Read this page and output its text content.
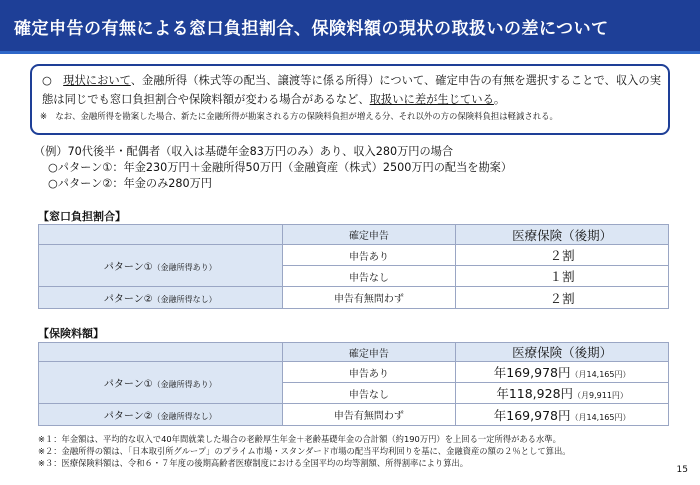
確定申告の有無による窓口負担割合、保険料額の現状の取扱いの差について
○　 現状において、金融所得（株式等の配当、譲渡等に係る所得）について、確定申告の有無を選択することで、収入の実態は同じでも窓口負担割合や保険料額が変わる場合があるなど、取扱いに差が生じている。
※　なお、金融所得を勘案した場合、新たに金融所得が勘案される方の保険料負担が増える分、それ以外の方の保険料負担は軽減される。
（例）70代後半・配偶者（収入は基礎年金83万円のみ）あり、収入280万円の場合
○パターン①：年金230万円＋金融所得50万円（金融資産（株式）2500万円の配当を勘案）
○パターン②：年金のみ280万円
【窓口負担割合】
	確定申告	医療保険（後期）
パターン①（金融所得あり）	申告あり	２割
	申告なし	１割
パターン②（金融所得なし）	申告有無問わず	２割
【保険料額】
	確定申告	医療保険（後期）
パターン①（金融所得あり）	申告あり	年169,978円（月14,165円）
	申告なし	年118,928円（月9,911円）
パターン②（金融所得なし）	申告有無問わず	年169,978円（月14,165円）
※１：年金額は、平均的な収入で40年間就業した場合の老齢厚生年金＋老齢基礎年金の合計額（約190万円）を上回る一定所得がある水準。
※２：金融所得の額は、「日本取引所グループ」のプライム市場・スタンダード市場の配当平均利回りを基に、金融資産の額の２％として算出。
※３：医療保険料額は、令和６・７年度の後期高齢者医療制度における全国平均の均等割額、所得割率により算出。
15
